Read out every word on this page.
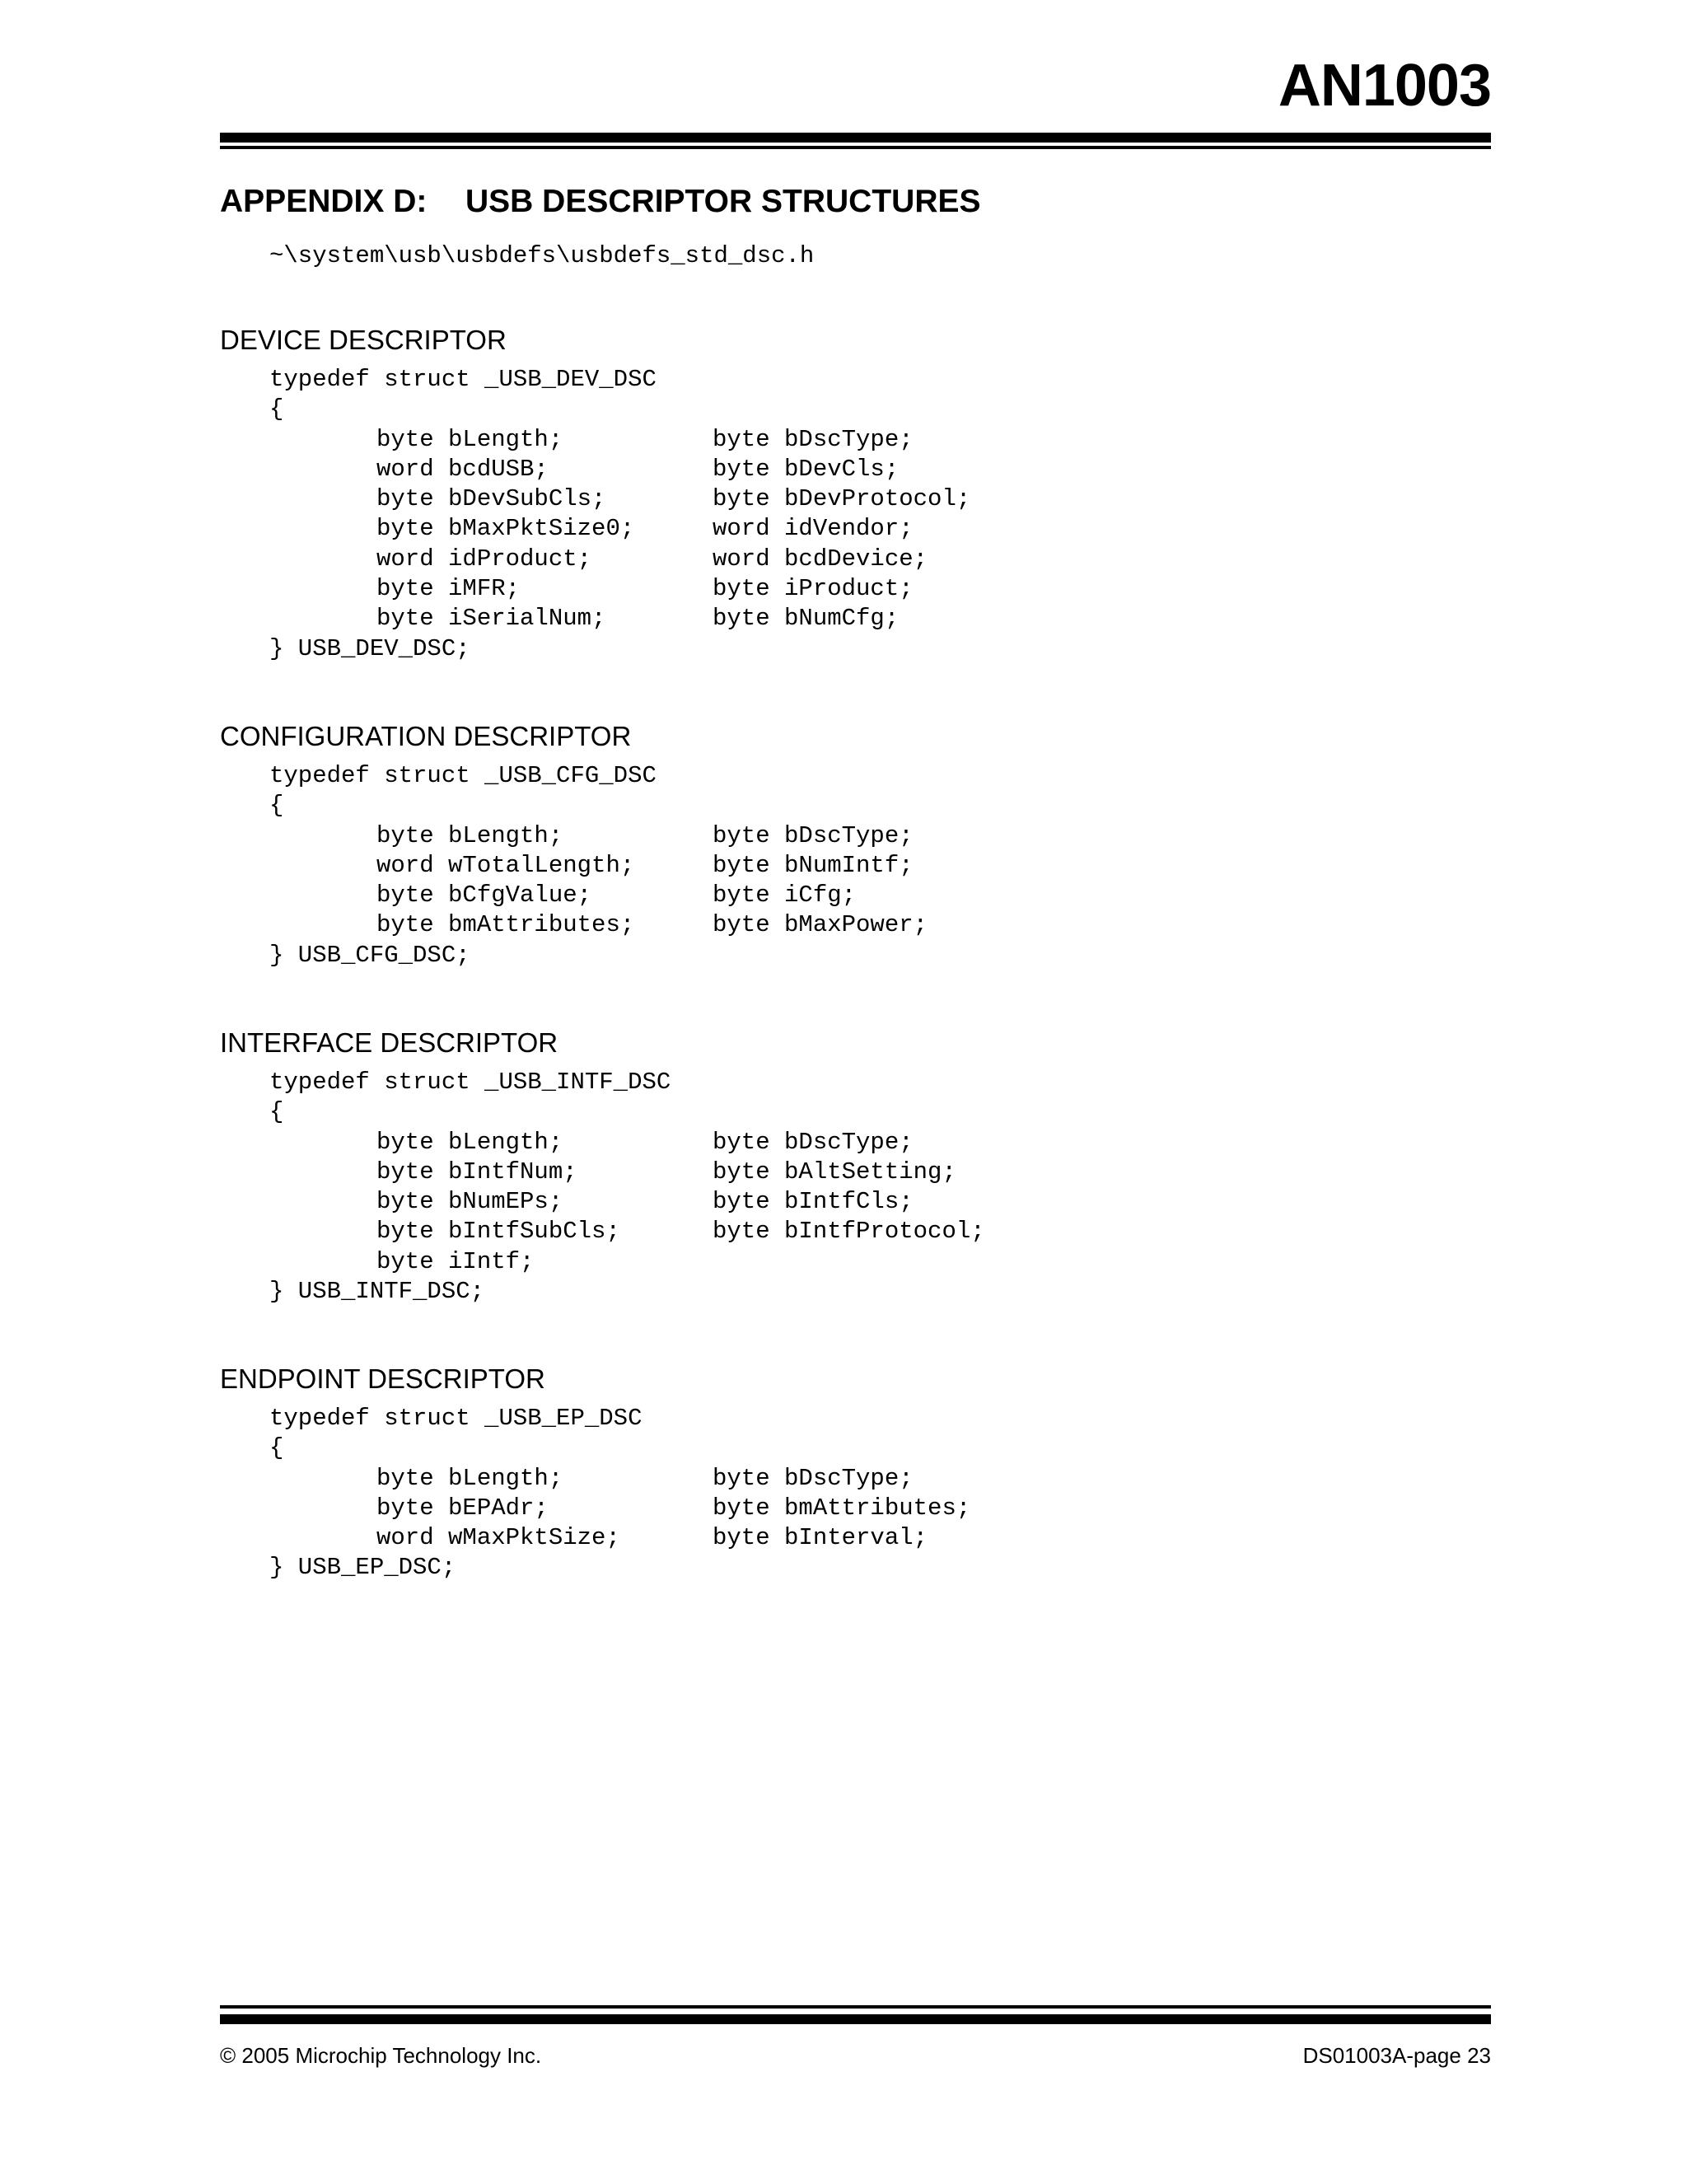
AN1003
APPENDIX D: USB DESCRIPTOR STRUCTURES
~\system\usb\usbdefs\usbdefs_std_dsc.h
DEVICE DESCRIPTOR
typedef struct _USB_DEV_DSC
{
byte bLength;	byte bDscType;
word bcdUSB;	byte bDevCls;
byte bDevSubCls;	byte bDevProtocol;
byte bMaxPktSize0;	word idVendor;
word idProduct;	word bcdDevice;
byte iMFR;	byte iProduct;
byte iSerialNum;	byte bNumCfg;
} USB_DEV_DSC;
CONFIGURATION DESCRIPTOR
typedef struct _USB_CFG_DSC
{
byte bLength;	byte bDscType;
word wTotalLength;	byte bNumIntf;
byte bCfgValue;	byte iCfg;
byte bmAttributes;	byte bMaxPower;
} USB_CFG_DSC;
INTERFACE DESCRIPTOR
typedef struct _USB_INTF_DSC
{
byte bLength;	byte bDscType;
byte bIntfNum;	byte bAltSetting;
byte bNumEPs;	byte bIntfCls;
byte bIntfSubCls;	byte bIntfProtocol;
byte iIntf;
} USB_INTF_DSC;
ENDPOINT DESCRIPTOR
typedef struct _USB_EP_DSC
{
byte bLength;	byte bDscType;
byte bEPAdr;	byte bmAttributes;
word wMaxPktSize;	byte bInterval;
} USB_EP_DSC;
© 2005 Microchip Technology Inc.	DS01003A-page 23
